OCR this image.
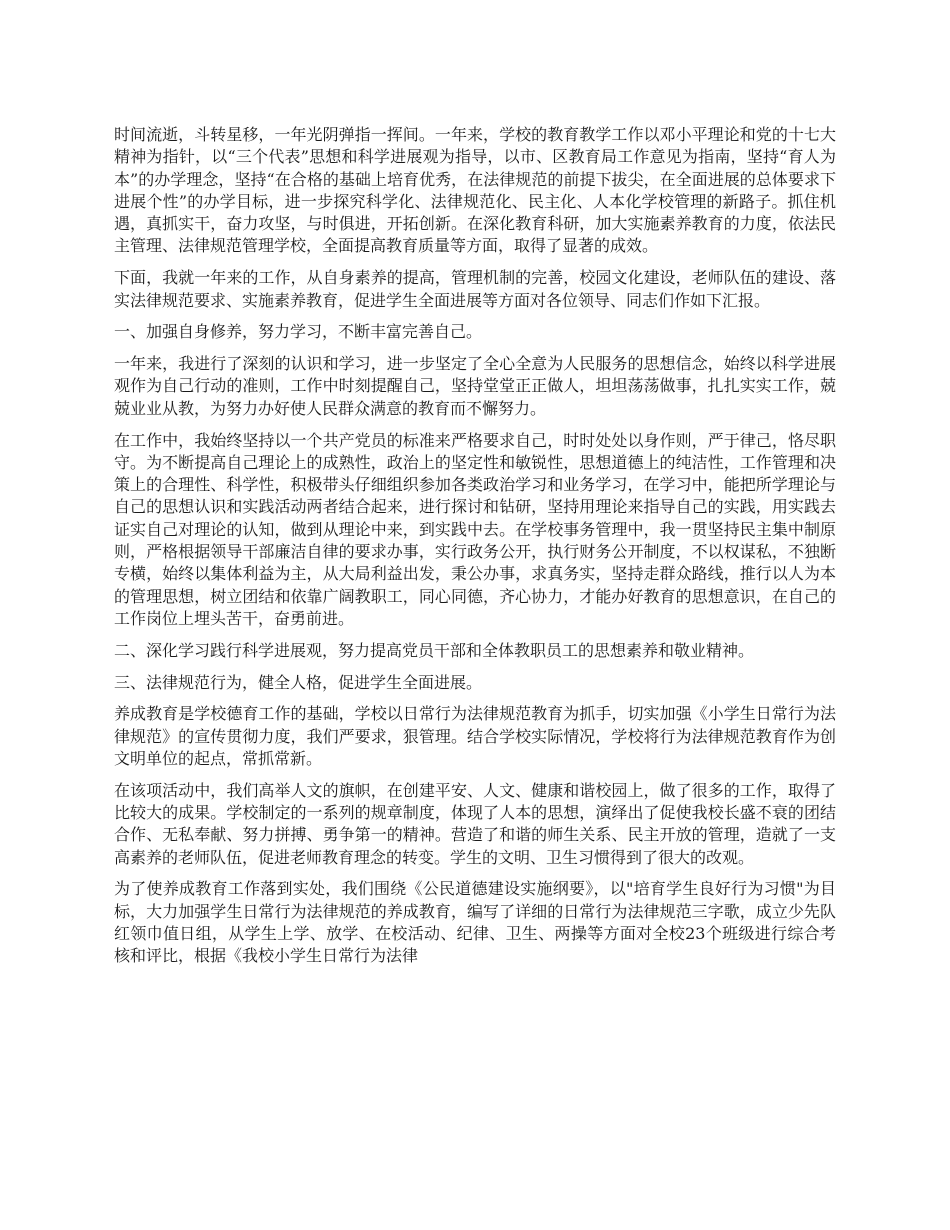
时间流逝，斗转星移，一年光阴弹指一挥间。一年来，学校的教育教学工作以邓小平理论和党的十七大精神为指针，以“三个代表”思想和科学进展观为指导，以市、区教育局工作意见为指南，坚持“育人为本”的办学理念，坚持“在合格的基础上培育优秀，在法律规范的前提下拔尖，在全面进展的总体要求下进展个性”的办学目标，进一步探究科学化、法律规范化、民主化、人本化学校管理的新路子。抓住机遇，真抓实干，奋力攻坚，与时俱进，开拓创新。在深化教育科研，加大实施素养教育的力度，依法民主管理、法律规范管理学校，全面提高教育质量等方面，取得了显著的成效。

下面，我就一年来的工作，从自身素养的提高，管理机制的完善，校园文化建设，老师队伍的建设、落实法律规范要求、实施素养教育，促进学生全面进展等方面对各位领导、同志们作如下汇报。

一、加强自身修养，努力学习，不断丰富完善自己。

一年来，我进行了深刻的认识和学习，进一步坚定了全心全意为人民服务的思想信念，始终以科学进展观作为自己行动的准则，工作中时刻提醒自己，坚持堂堂正正做人，坦坦荡荡做事，扎扎实实工作，兢兢业业从教，为努力办好使人民群众满意的教育而不懈努力。

在工作中，我始终坚持以一个共产党员的标准来严格要求自己，时时处处以身作则，严于律己，恪尽职守。为不断提高自己理论上的成熟性，政治上的坚定性和敏锐性，思想道德上的纯洁性，工作管理和决策上的合理性、科学性，积极带头仔细组织参加各类政治学习和业务学习，在学习中，能把所学理论与自己的思想认识和实践活动两者结合起来，进行探讨和钻研，坚持用理论来指导自己的实践，用实践去证实自己对理论的认知，做到从理论中来，到实践中去。在学校事务管理中，我一贯坚持民主集中制原则，严格根据领导干部廉洁自律的要求办事，实行政务公开，执行财务公开制度，不以权谋私，不独断专横，始终以集体利益为主，从大局利益出发，秉公办事，求真务实，坚持走群众路线，推行以人为本的管理思想，树立团结和依靠广阔教职工，同心同德，齐心协力，才能办好教育的思想意识，在自己的工作岗位上埋头苦干，奋勇前进。

二、深化学习践行科学进展观，努力提高党员干部和全体教职员工的思想素养和敬业精神。

三、法律规范行为，健全人格，促进学生全面进展。

养成教育是学校德育工作的基础，学校以日常行为法律规范教育为抓手，切实加强《小学生日常行为法律规范》的宣传贯彻力度，我们严要求，狠管理。结合学校实际情况，学校将行为法律规范教育作为创文明单位的起点，常抓常新。

在该项活动中，我们高举人文的旗帜，在创建平安、人文、健康和谐校园上，做了很多的工作，取得了比较大的成果。学校制定的一系列的规章制度，体现了人本的思想，演绎出了促使我校长盛不衰的团结合作、无私奉献、努力拼搏、勇争第一的精神。营造了和谐的师生关系、民主开放的管理，造就了一支高素养的老师队伍，促进老师教育理念的转变。学生的文明、卫生习惯得到了很大的改观。

为了使养成教育工作落到实处，我们围绕《公民道德建设实施纲要》，以"培育学生良好行为习惯"为目标，大力加强学生日常行为法律规范的养成教育，编写了详细的日常行为法律规范三字歌，成立少先队红领巾值日组，从学生上学、放学、在校活动、纪律、卫生、两操等方面对全校23个班级进行综合考核和评比，根据《我校小学生日常行为法律
